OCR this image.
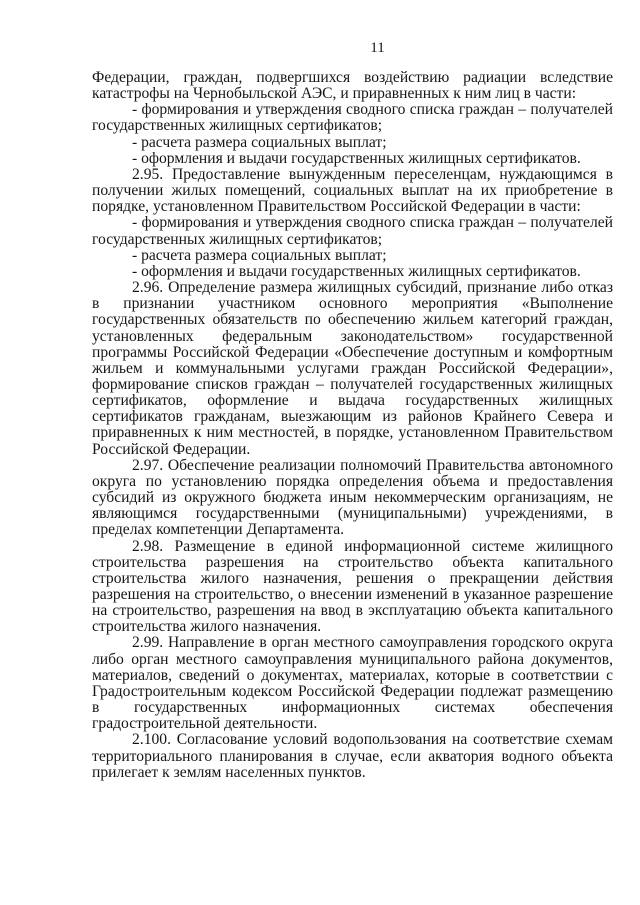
11

Федерации, граждан, подвергшихся воздействию радиации вследствие катастрофы на Чернобыльской АЭС, и приравненных к ним лиц в части:

- формирования и утверждения сводного списка граждан – получателей государственных жилищных сертификатов;

- расчета размера социальных выплат;

- оформления и выдачи государственных жилищных сертификатов.

2.95. Предоставление вынужденным переселенцам, нуждающимся в получении жилых помещений, социальных выплат на их приобретение в порядке, установленном Правительством Российской Федерации в части:

- формирования и утверждения сводного списка граждан – получателей государственных жилищных сертификатов;

- расчета размера социальных выплат;

- оформления и выдачи государственных жилищных сертификатов.

2.96. Определение размера жилищных субсидий, признание либо отказ в признании участником основного мероприятия «Выполнение государственных обязательств по обеспечению жильем категорий граждан, установленных федеральным законодательством» государственной программы Российской Федерации «Обеспечение доступным и комфортным жильем и коммунальными услугами граждан Российской Федерации», формирование списков граждан – получателей государственных жилищных сертификатов, оформление и выдача государственных жилищных сертификатов гражданам, выезжающим из районов Крайнего Севера и приравненных к ним местностей, в порядке, установленном Правительством Российской Федерации.

2.97. Обеспечение реализации полномочий Правительства автономного округа по установлению порядка определения объема и предоставления субсидий из окружного бюджета иным некоммерческим организациям, не являющимся государственными (муниципальными) учреждениями, в пределах компетенции Департамента.

2.98. Размещение в единой информационной системе жилищного строительства разрешения на строительство объекта капитального строительства жилого назначения, решения о прекращении действия разрешения на строительство, о внесении изменений в указанное разрешение на строительство, разрешения на ввод в эксплуатацию объекта капитального строительства жилого назначения.

2.99. Направление в орган местного самоуправления городского округа либо орган местного самоуправления муниципального района документов, материалов, сведений о документах, материалах, которые в соответствии с Градостроительным кодексом Российской Федерации подлежат размещению в государственных информационных системах обеспечения градостроительной деятельности.

2.100. Согласование условий водопользования на соответствие схемам территориального планирования в случае, если акватория водного объекта прилегает к землям населенных пунктов.
